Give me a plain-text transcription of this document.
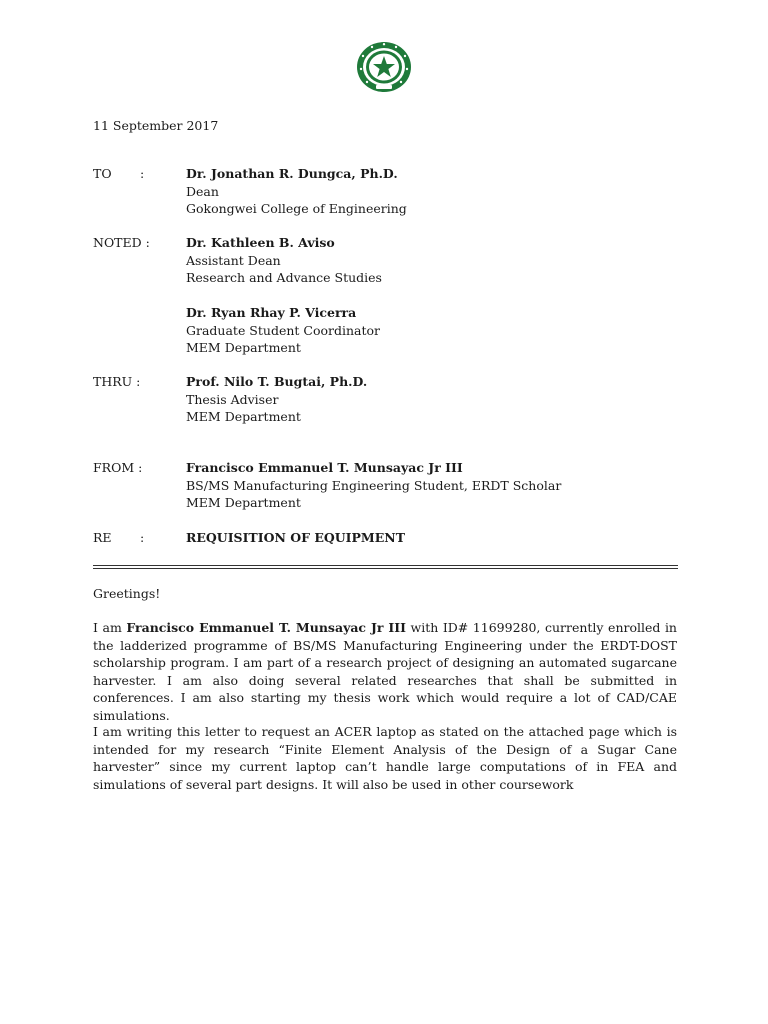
11 September 2017
TO :	Dr. Jonathan R. Dungca, Ph.D.
Dean
Gokongwei College of Engineering
NOTED :	Dr. Kathleen B. Aviso
Assistant Dean
Research and Advance Studies
Dr. Ryan Rhay P. Vicerra
Graduate Student Coordinator
MEM Department
THRU :	Prof. Nilo T. Bugtai, Ph.D.
Thesis Adviser
MEM Department
FROM :	Francisco Emmanuel T. Munsayac Jr III
BS/MS Manufacturing Engineering Student, ERDT Scholar
MEM Department
RE :	REQUISITION OF EQUIPMENT
Greetings!

I am Francisco Emmanuel T. Munsayac Jr III with ID# 11699280, currently enrolled in the ladderized programme of BS/MS Manufacturing Engineering under the ERDT-DOST scholarship program. I am part of a research project of designing an automated sugarcane harvester. I am also doing several related researches that shall be submitted in conferences. I am also starting my thesis work which would require a lot of CAD/CAE simulations.

I am writing this letter to request an ACER laptop as stated on the attached page which is intended for my research “Finite Element Analysis of the Design of a Sugar Cane harvester” since my current laptop can’t handle large computations of in FEA and simulations of several part designs. It will also be used in other coursework
